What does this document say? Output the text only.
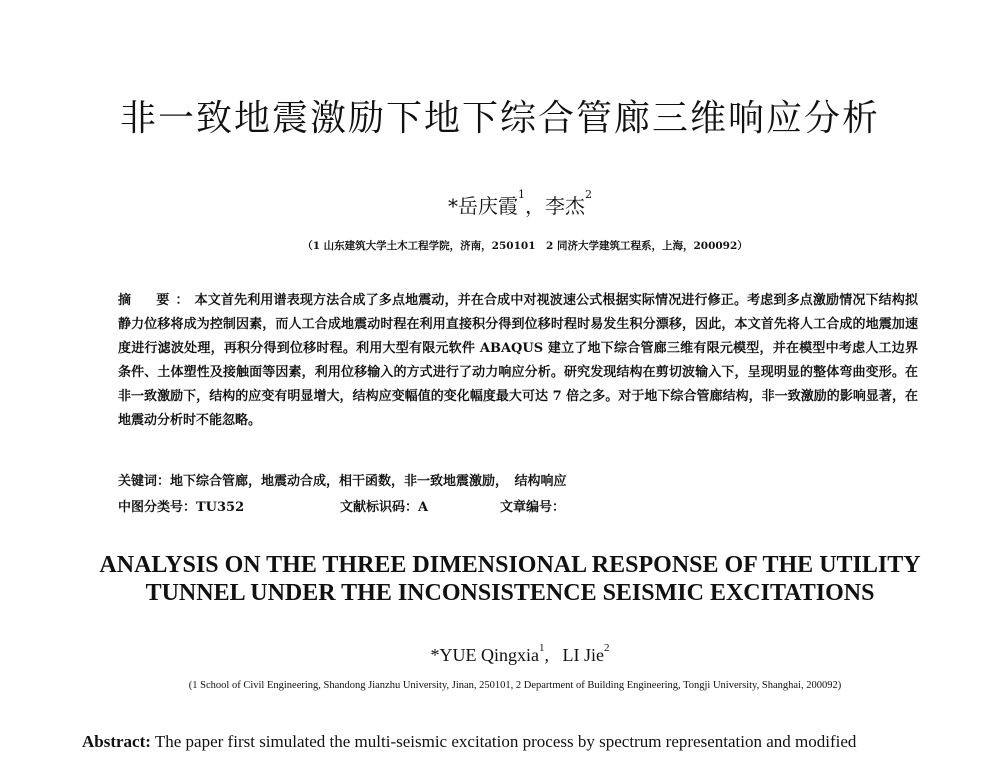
非一致地震激励下地下综合管廊三维响应分析
*岳庆霞$^1$，李杰$^2$
（1 山东建筑大学土木工程学院，济南，250101　2 同济大学建筑工程系，上海，200092）
摘　要：本文首先利用谱表现方法合成了多点地震动，并在合成中对视波速公式根据实际情况进行修正。考虑到多点激励情况下结构拟静力位移将成为控制因素，而人工合成地震动时程在利用直接积分得到位移时程时易发生积分漂移，因此，本文首先将人工合成的地震加速度进行滤波处理，再积分得到位移时程。利用大型有限元软件 ABAQUS 建立了地下综合管廊三维有限元模型，并在模型中考虑人工边界条件、土体塑性及接触面等因素，利用位移输入的方式进行了动力响应分析。研究发现结构在剪切波输入下，呈现明显的整体弯曲变形。在非一致激励下，结构的应变有明显增大，结构应变幅值的变化幅度最大可达 7 倍之多。对于地下综合管廊结构，非一致激励的影响显著，在地震动分析时不能忽略。
关键词：地下综合管廊，地震动合成，相干函数，非一致地震激励，　结构响应
中图分类号：TU352	文献标识码：A	文章编号：
ANALYSIS ON THE THREE DIMENSIONAL RESPONSE OF THE UTILITY
TUNNEL UNDER THE INCONSISTENCE SEISMIC EXCITATIONS
*YUE Qingxia$^1$, LI Jie$^2$
(1 School of Civil Engineering, Shandong Jianzhu University, Jinan, 250101, 2 Department of Building Engineering, Tongji University, Shanghai, 200092)
Abstract: The paper first simulated the multi-seismic excitation process by spectrum representation and modified
